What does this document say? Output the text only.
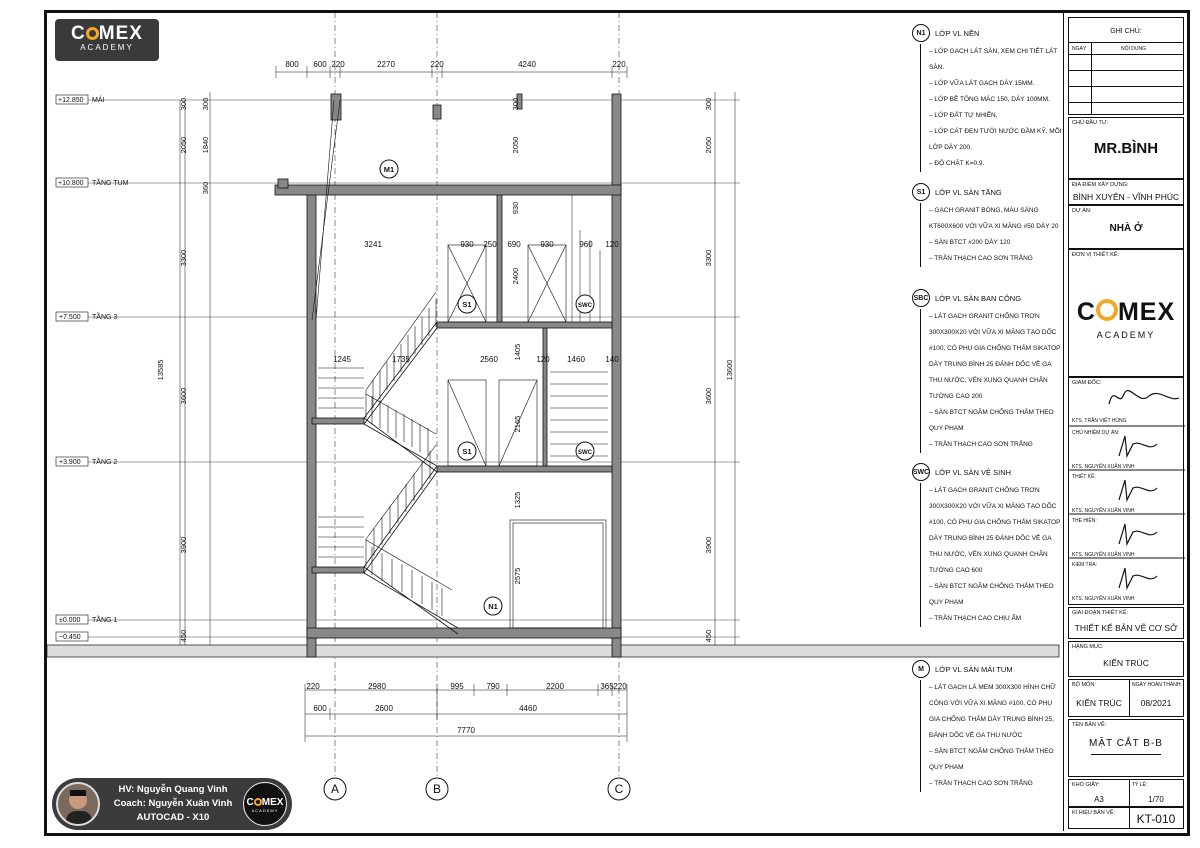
C MEX
ACADEMY
800 600 220	2270	220	4240	220
220	2980	995	790	2200	365 220
600	2600	4460
7770
3241	930 250 690 930	960 120
1245	1735	2560	120 1460	140
300 300
2050 1840
360
3300
3600
3900
450
13585
300
2050
3300
3600
3900
450
13600
300
2050
930
2400
1405
2165
1325
2575
+12.850 MÁI
+10.800 TẦNG TUM
+7.500 TẦNG 3
+3.900 TẦNG 2
±0.000 TẦNG 1
−0.450
M1
S1	SWC
S1	SWC
N1
A	B	C
N1	LỚP VL NỀN
– LỚP GẠCH LÁT SÀN, XEM CHI TIẾT LÁT SÀN.
– LỚP VỮA LÁT GẠCH DÀY 15MM.
– LỚP BÊ TÔNG MÁC 150, DÀY 100MM.
– LỚP ĐẤT TỰ NHIÊN.
– LỚP CÁT ĐEN TƯỚI NƯỚC ĐẦM KỸ, MỖI LỚP DÀY 200.
– ĐỘ CHẶT K=0.9.
S1	LỚP VL SÀN TẦNG
– GẠCH GRANIT BÓNG, MÀU SÁNG KT600X600 VỚI VỮA XI MĂNG #50 DÀY 20
– SÀN BTCT #200 DÀY 120
– TRẦN THẠCH CAO SƠN TRẮNG
SBC LỚP VL SÀN BAN CÔNG
– LÁT GẠCH GRANIT CHỐNG TRƠN 300X300X20 VỚI VỮA XI MĂNG TẠO DỐC #100, CÓ PHỤ GIA CHỐNG THẤM SIKATOP DÀY TRUNG BÌNH 25 ĐÁNH DỐC VỀ GA THU NƯỚC, VÉN XUNG QUANH CHÂN TƯỜNG CAO 200
– SÀN BTCT NGÂM CHỐNG THẤM THEO QUY PHẠM
– TRẦN THẠCH CAO SƠN TRẮNG
SWC LỚP VL SÀN VỆ SINH
– LÁT GẠCH GRANIT CHỐNG TRƠN 300X300X20 VỚI VỮA XI MĂNG TẠO DỐC #100, CÓ PHỤ GIA CHỐNG THẤM SIKATOP DÀY TRUNG BÌNH 25 ĐÁNH DỐC VỀ GA THU NƯỚC, VÉN XUNG QUANH CHÂN TƯỜNG CAO 600
– SÀN BTCT NGÂM CHỐNG THẤM THEO QUY PHẠM
– TRẦN THẠCH CAO CHỊU ẨM
M	LỚP VL SÀN MÁI TUM
– LÁT GẠCH LÁ MEM 300X300 HÌNH CHỮ CÔNG VỚI VỮA XI MĂNG #100, CÓ PHỤ GIA CHỐNG THẤM DÀY TRUNG BÌNH 25, ĐÁNH DỐC VỀ GA THU NƯỚC
– SÀN BTCT NGÂM CHỐNG THẤM THEO QUY PHẠM
– TRẦN THẠCH CAO SƠN TRẮNG
GHI CHÚ:
NGÀY	NỘI DUNG
CHỦ ĐẦU TƯ:
MR.BÌNH
ĐỊA ĐIỂM XÂY DỰNG:
BÌNH XUYÊN - VĨNH PHÚC
DỰ ÁN:
NHÀ Ở
ĐƠN VỊ THIẾT KẾ:
C MEX
ACADEMY
GIÁM ĐỐC:
KTS. TRẦN VIỆT HÙNG
CHỦ NHIỆM DỰ ÁN:
KTS. NGUYỄN XUÂN VINH
THIẾT KẾ:
KTS. NGUYỄN XUÂN VINH
THỂ HIỆN:
KTS. NGUYỄN XUÂN VINH
KIỂM TRA:
KTS. NGUYỄN XUÂN VINH
GIAI ĐOẠN THIẾT KẾ:
THIẾT KẾ BẢN VẼ CƠ SỞ
HẠNG MỤC:
KIẾN TRÚC
BỘ MÔN:
KIẾN TRÚC
NGÀY HOÀN THÀNH:
08/2021
TÊN BẢN VẼ:
MẶT CẮT B-B
KHỔ GIẤY:
A3
TỶ LỆ:
1/70
KÍ HIỆU BẢN VẼ:	KT-010
HV: Nguyễn Quang Vinh
Coach: Nguyễn Xuân Vinh
AUTOCAD - X10
C MEX
ACADEMY
